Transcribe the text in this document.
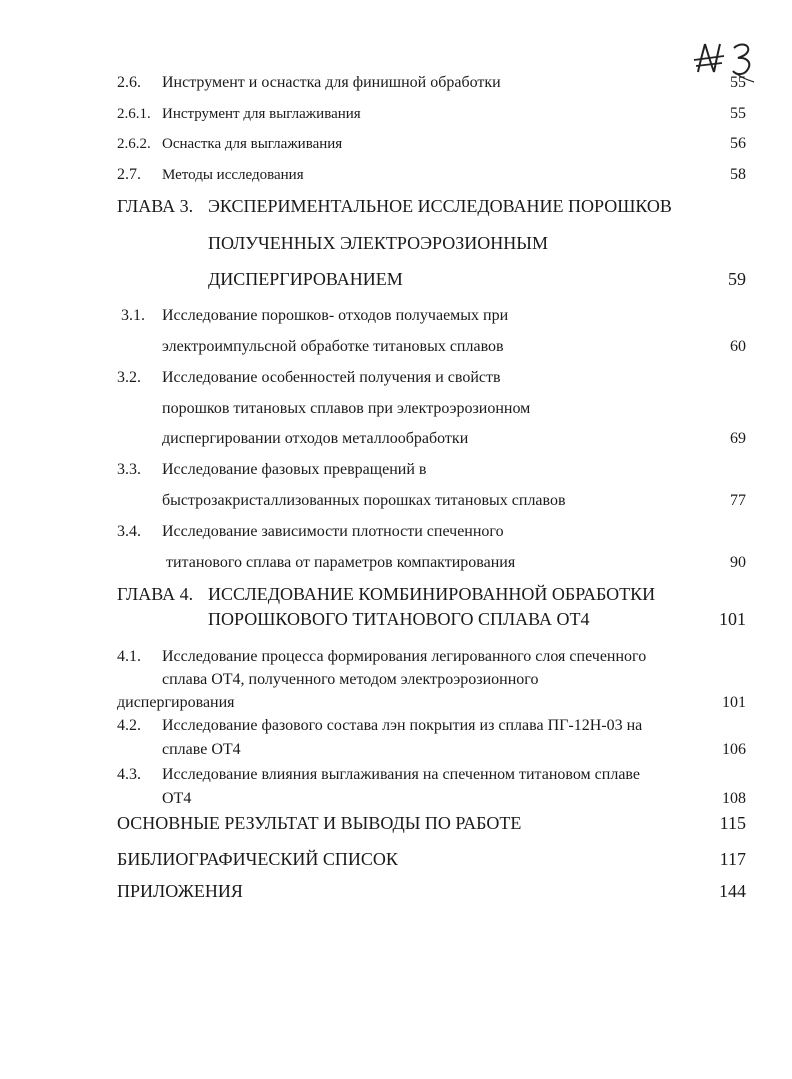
2.6. Инструмент и оснастка для финишной обработки	55
2.6.1. Инструмент для выглаживания	55
2.6.2. Оснастка для выглаживания	56
2.7. Методы исследования	58
ГЛАВА 3. ЭКСПЕРИМЕНТАЛЬНОЕ ИССЛЕДОВАНИЕ ПОРОШКОВ
ПОЛУЧЕННЫХ ЭЛЕКТРОЭРОЗИОННЫМ
ДИСПЕРГИРОВАНИЕМ	59
3.1. Исследование порошков- отходов получаемых при
электроимпульсной обработке титановых сплавов	60
3.2. Исследование особенностей получения и свойств
порошков титановых сплавов при электроэрозионном
диспергировании отходов металлообработки	69
3.3. Исследование фазовых превращений в
быстрозакристаллизованных порошках титановых сплавов	77
3.4. Исследование зависимости плотности спеченного
титанового сплава от параметров компактирования	90
ГЛАВА 4. ИССЛЕДОВАНИЕ КОМБИНИРОВАННОЙ ОБРАБОТКИ
ПОРОШКОВОГО ТИТАНОВОГО СПЛАВА ОТ4	101
4.1. Исследование процесса формирования легированного слоя спеченного
сплава ОТ4, полученного методом электроэрозионного
диспергирования	101
4.2. Исследование фазового состава лэн покрытия из сплава ПГ-12Н-03 на
сплаве ОТ4	106
4.3. Исследование влияния выглаживания на спеченном титановом сплаве
ОТ4	108
ОСНОВНЫЕ РЕЗУЛЬТАТ И ВЫВОДЫ ПО РАБОТЕ	115
БИБЛИОГРАФИЧЕСКИЙ СПИСОК	117
ПРИЛОЖЕНИЯ	144
